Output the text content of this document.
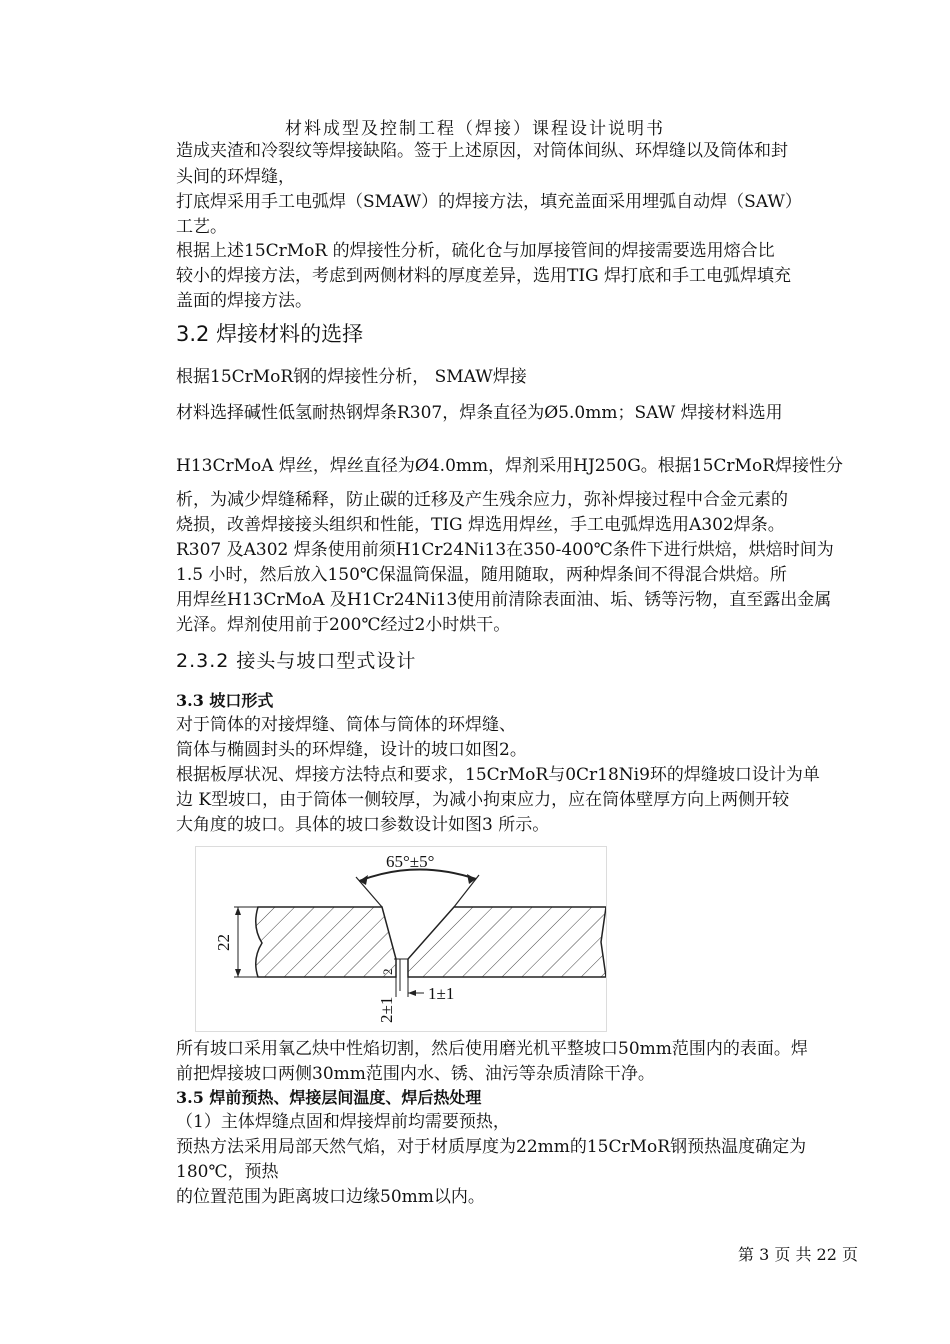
材料成型及控制工程（焊接）课程设计说明书
造成夹渣和冷裂纹等焊接缺陷。签于上述原因，对筒体间纵、环焊缝以及筒体和封
头间的环焊缝，
打底焊采用手工电弧焊（SMAW）的焊接方法，填充盖面采用埋弧自动焊（SAW）
工艺。
根据上述15CrMoR 的焊接性分析，硫化仓与加厚接管间的焊接需要选用熔合比
较小的焊接方法，考虑到两侧材料的厚度差异，选用TIG 焊打底和手工电弧焊填充
盖面的焊接方法。
3.2 焊接材料的选择
根据15CrMoR钢的焊接性分析， SMAW焊接
材料选择碱性低氢耐热钢焊条R307，焊条直径为Ø5.0mm；SAW 焊接材料选用
H13CrMoA 焊丝，焊丝直径为Ø4.0mm，焊剂采用HJ250G。根据15CrMoR焊接性分
析，为减少焊缝稀释，防止碳的迁移及产生残余应力，弥补焊接过程中合金元素的
烧损，改善焊接接头组织和性能，TIG 焊选用焊丝，手工电弧焊选用A302焊条。
R307 及A302 焊条使用前须H1Cr24Ni13在350-400℃条件下进行烘焙，烘焙时间为
1.5 小时，然后放入150℃保温筒保温，随用随取，两种焊条间不得混合烘焙。所
用焊丝H13CrMoA 及H1Cr24Ni13使用前清除表面油、垢、锈等污物，直至露出金属
光泽。焊剂使用前于200℃经过2小时烘干。
2.3.2 接头与坡口型式设计
3.3 坡口形式
对于筒体的对接焊缝、筒体与筒体的环焊缝、
筒体与椭圆封头的环焊缝，设计的坡口如图2。
根据板厚状况、焊接方法特点和要求，15CrMoR与0Cr18Ni9环的焊缝坡口设计为单
边 K型坡口，由于筒体一侧较厚，为减小拘束应力，应在筒体壁厚方向上两侧开较
大角度的坡口。具体的坡口参数设计如图3 所示。
65°±5°
22
2
2±1
1±1
所有坡口采用氧乙炔中性焰切割，然后使用磨光机平整坡口50mm范围内的表面。焊
前把焊接坡口两侧30mm范围内水、锈、油污等杂质清除干净。
3.5 焊前预热、焊接层间温度、焊后热处理
（1）主体焊缝点固和焊接焊前均需要预热，
预热方法采用局部天然气焰，对于材质厚度为22mm的15CrMoR钢预热温度确定为
180℃，预热
的位置范围为距离坡口边缘50mm以内。
第 3 页 共 22 页
